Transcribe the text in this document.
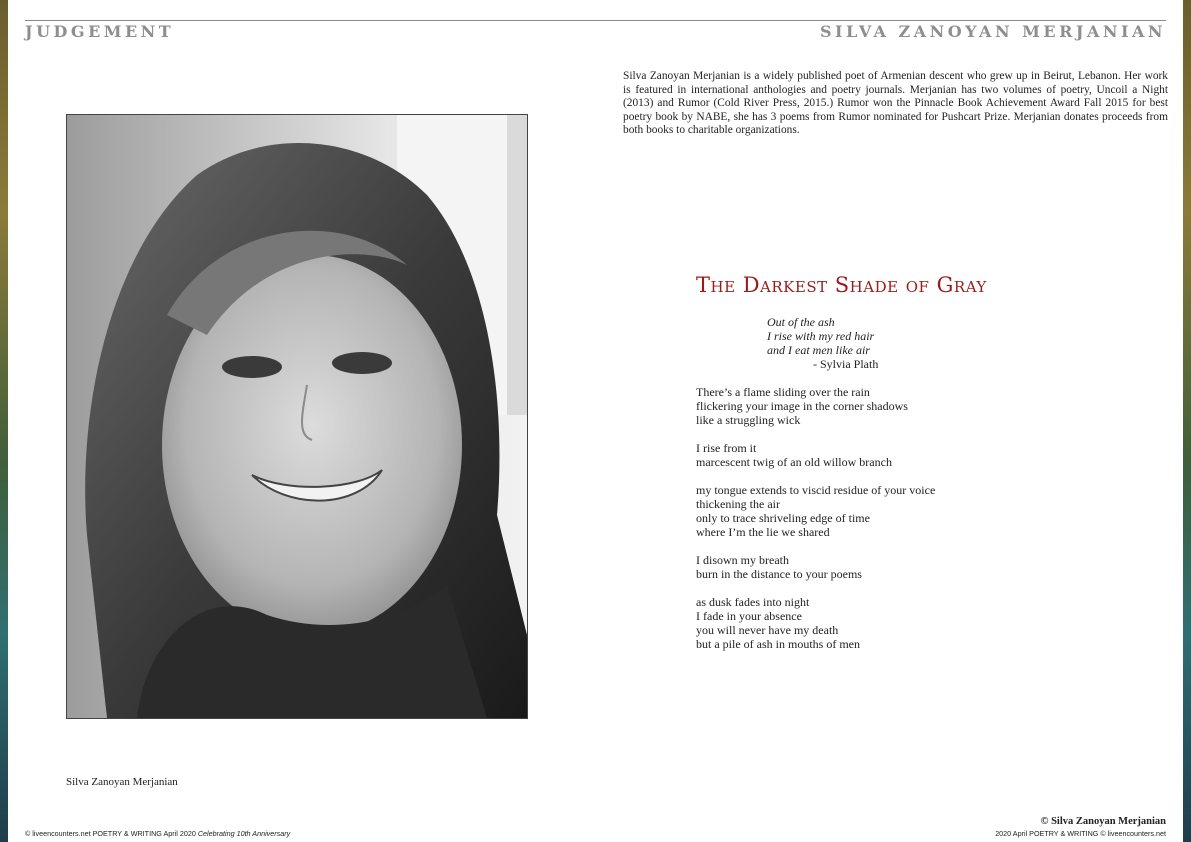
JUDGEMENT	SILVA ZANOYAN MERJANIAN
Silva Zanoyan Merjanian is a widely published poet of Armenian descent who grew up in Beirut, Lebanon. Her work is featured in international anthologies and poetry journals. Merjanian has two volumes of poetry, Uncoil a Night (2013) and Rumor (Cold River Press, 2015.) Rumor won the Pinnacle Book Achievement Award Fall 2015 for best poetry book by NABE, she has 3 poems from Rumor nominated for Pushcart Prize. Merjanian donates proceeds from both books to charitable organizations.
Silva Zanoyan Merjanian
The Darkest Shade of Gray
Out of the ash
I rise with my red hair
and I eat men like air
- Sylvia Plath
There’s a flame sliding over the rain
flickering your image in the corner shadows
like a struggling wick
I rise from it
marcescent twig of an old willow branch
my tongue extends to viscid residue of your voice
thickening the air
only to trace shriveling edge of time
where I’m the lie we shared
I disown my breath
burn in the distance to your poems
as dusk fades into night
I fade in your absence
you will never have my death
but a pile of ash in mouths of men
© liveencounters.net POETRY & WRITING April 2020 Celebrating 10th Anniversary
© Silva Zanoyan Merjanian
2020 April POETRY & WRITING © liveencounters.net
